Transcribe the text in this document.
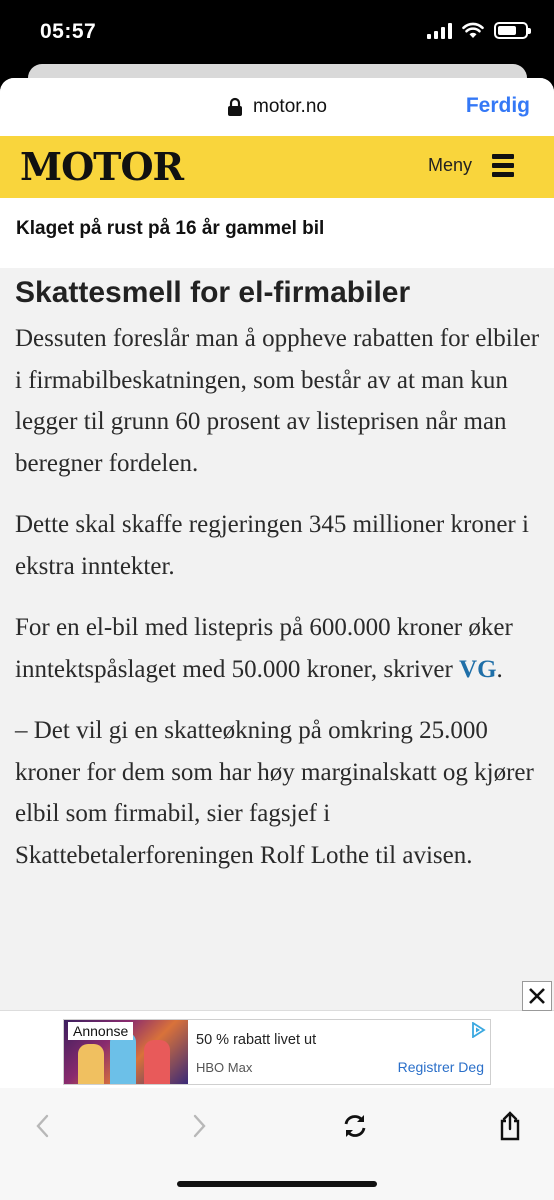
05:57
motor.no	Ferdig
MOTOR	Meny
Klaget på rust på 16 år gammel bil
Skattesmell for el-firmabiler

Dessuten foreslår man å oppheve rabatten for elbiler i firmabilbeskatningen, som består av at man kun legger til grunn 60 prosent av listeprisen når man beregner fordelen.

Dette skal skaffe regjeringen 345 millioner kroner i ekstra inntekter.

For en el-bil med listepris på 600.000 kroner øker inntektspåslaget med 50.000 kroner, skriver VG.

– Det vil gi en skatteøkning på omkring 25.000 kroner for dem som har høy marginalskatt og kjører elbil som firmabil, sier fagsjef i Skattebetalerforeningen Rolf Lothe til avisen.

Annonse
50 % rabatt livet ut
HBO Max	Registrer Deg
